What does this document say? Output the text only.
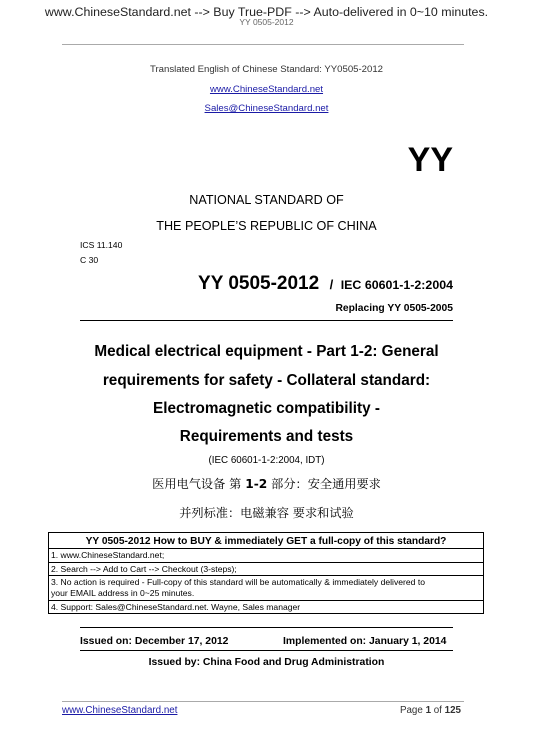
www.ChineseStandard.net --> Buy True-PDF --> Auto-delivered in 0~10 minutes.
YY 0505-2012
Translated English of Chinese Standard: YY0505-2012
www.ChineseStandard.net
Sales@ChineseStandard.net
YY
NATIONAL STANDARD OF
THE PEOPLE’S REPUBLIC OF CHINA
ICS 11.140
C 30
YY 0505-2012 / IEC 60601-1-2:2004
Replacing YY 0505-2005
Medical electrical equipment - Part 1-2: General
requirements for safety - Collateral standard:
Electromagnetic compatibility -
Requirements and tests
(IEC 60601-1-2:2004, IDT)
医用电气设备 第 1-2 部分：安全通用要求
并列标准：电磁兼容 要求和试验
YY 0505-2012 How to BUY & immediately GET a full-copy of this standard?
1. www.ChineseStandard.net;
2. Search --> Add to Cart --> Checkout (3-steps);
3. No action is required - Full-copy of this standard will be automatically & immediately delivered to
your EMAIL address in 0~25 minutes.
4. Support: Sales@ChineseStandard.net. Wayne, Sales manager
Issued on: December 17, 2012	Implemented on: January 1, 2014
Issued by: China Food and Drug Administration
www.ChineseStandard.net	Page 1 of 125
